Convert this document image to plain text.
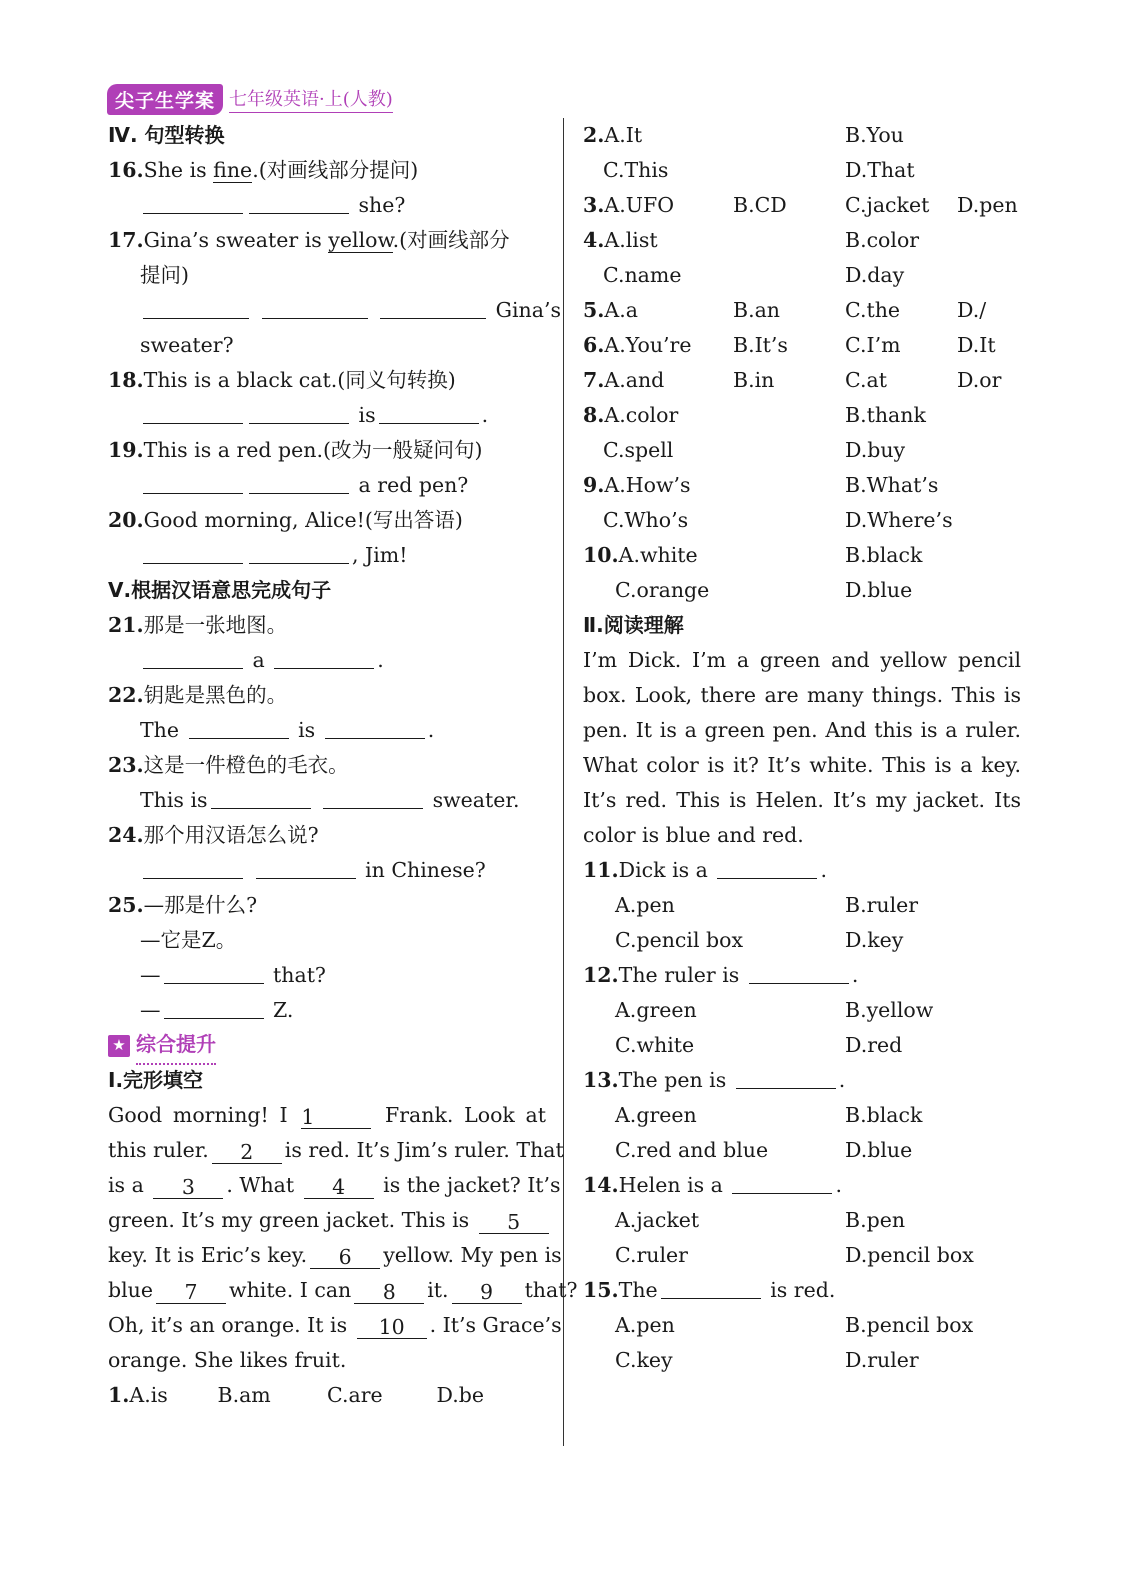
尖子生学案 七年级英语·上(人教)
Ⅳ. 句型转换
16.She is fine.(对画线部分提问)
she?
17.Gina’s sweater is yellow.(对画线部分
提问)
Gina’s
sweater?
18.This is a black cat.(同义句转换)
is	.
19.This is a red pen.(改为一般疑问句)
a red pen?
20.Good morning, Alice!(写出答语)
, Jim!
Ⅴ.根据汉语意思完成句子
21.那是一张地图。
a	.
22.钥匙是黑色的。
The	is	.
23.这是一件橙色的毛衣。
This is	sweater.
24.那个用汉语怎么说?
in Chinese?
25.—那是什么?
—它是Z。
—	that?
—	Z.
★ 综合提升
Ⅰ.完形填空
Good morning! I 1	Frank. Look at
this ruler. 2 is red. It’s Jim’s ruler. That
is a 3 . What 4 is the jacket? It’s
green. It’s my green jacket. This is 5
key. It is Eric’s key. 6 yellow. My pen is
blue 7 white. I can 8 it. 9 that?
Oh, it’s an orange. It is 10 . It’s Grace’s
orange. She likes fruit.
1.A.is	B.am	C.are	D.be
2.A.It	B.You
C.This	D.That
3.A.UFO	B.CD	C.jacket	D.pen
4.A.list	B.color
C.name	D.day
5.A.a	B.an	C.the	D./
6.A.You’re	B.It’s	C.I’m	D.It
7.A.and	B.in	C.at	D.or
8.A.color	B.thank
C.spell	D.buy
9.A.How’s	B.What’s
C.Who’s	D.Where’s
10.A.white	B.black
C.orange	D.blue
Ⅱ.阅读理解
I’m Dick. I’m a green and yellow pencil
box. Look, there are many things. This is
pen. It is a green pen. And this is a ruler.
What color is it? It’s white. This is a key.
It’s red. This is Helen. It’s my jacket. Its
color is blue and red.
11.Dick is a	.
A.pen	B.ruler
C.pencil box	D.key
12.The ruler is	.
A.green	B.yellow
C.white	D.red
13.The pen is	.
A.green	B.black
C.red and blue	D.blue
14.Helen is a	.
A.jacket	B.pen
C.ruler	D.pencil box
15.The	is red.
A.pen	B.pencil box
C.key	D.ruler
